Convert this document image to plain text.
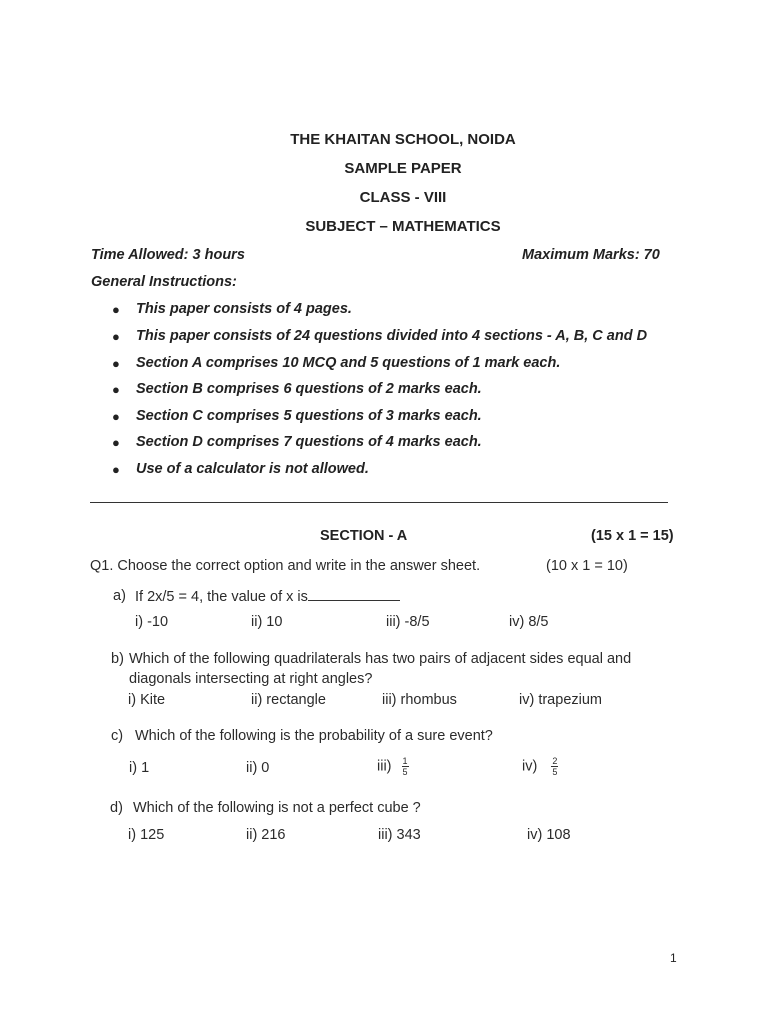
THE KHAITAN SCHOOL, NOIDA
SAMPLE PAPER
CLASS - VIII
SUBJECT – MATHEMATICS
Time Allowed: 3 hours	Maximum Marks: 70
General Instructions:
● This paper consists of 4 pages.
● This paper consists of 24 questions divided into 4 sections - A, B, C and D
● Section A comprises 10 MCQ and 5 questions of 1 mark each.
● Section B comprises 6 questions of 2 marks each.
● Section C comprises 5 questions of 3 marks each.
● Section D comprises 7 questions of 4 marks each.
● Use of a calculator is not allowed.
SECTION - A	(15 x 1 = 15)
Q1. Choose the correct option and write in the answer sheet.	(10 x 1 = 10)
a) If 2x/5 = 4, the value of x is
i) -10	ii) 10	iii) -8/5	iv) 8/5
b) Which of the following quadrilaterals has two pairs of adjacent sides equal and
diagonals intersecting at right angles?
i) Kite	ii) rectangle	iii) rhombus	iv) trapezium
c) Which of the following is the probability of a sure event?
i) 1	ii) 0	$iii) \frac{1}{5}$	$iv) \frac{2}{5}$
d) Which of the following is not a perfect cube ?
i) 125	ii) 216	iii) 343	iv) 108
1
